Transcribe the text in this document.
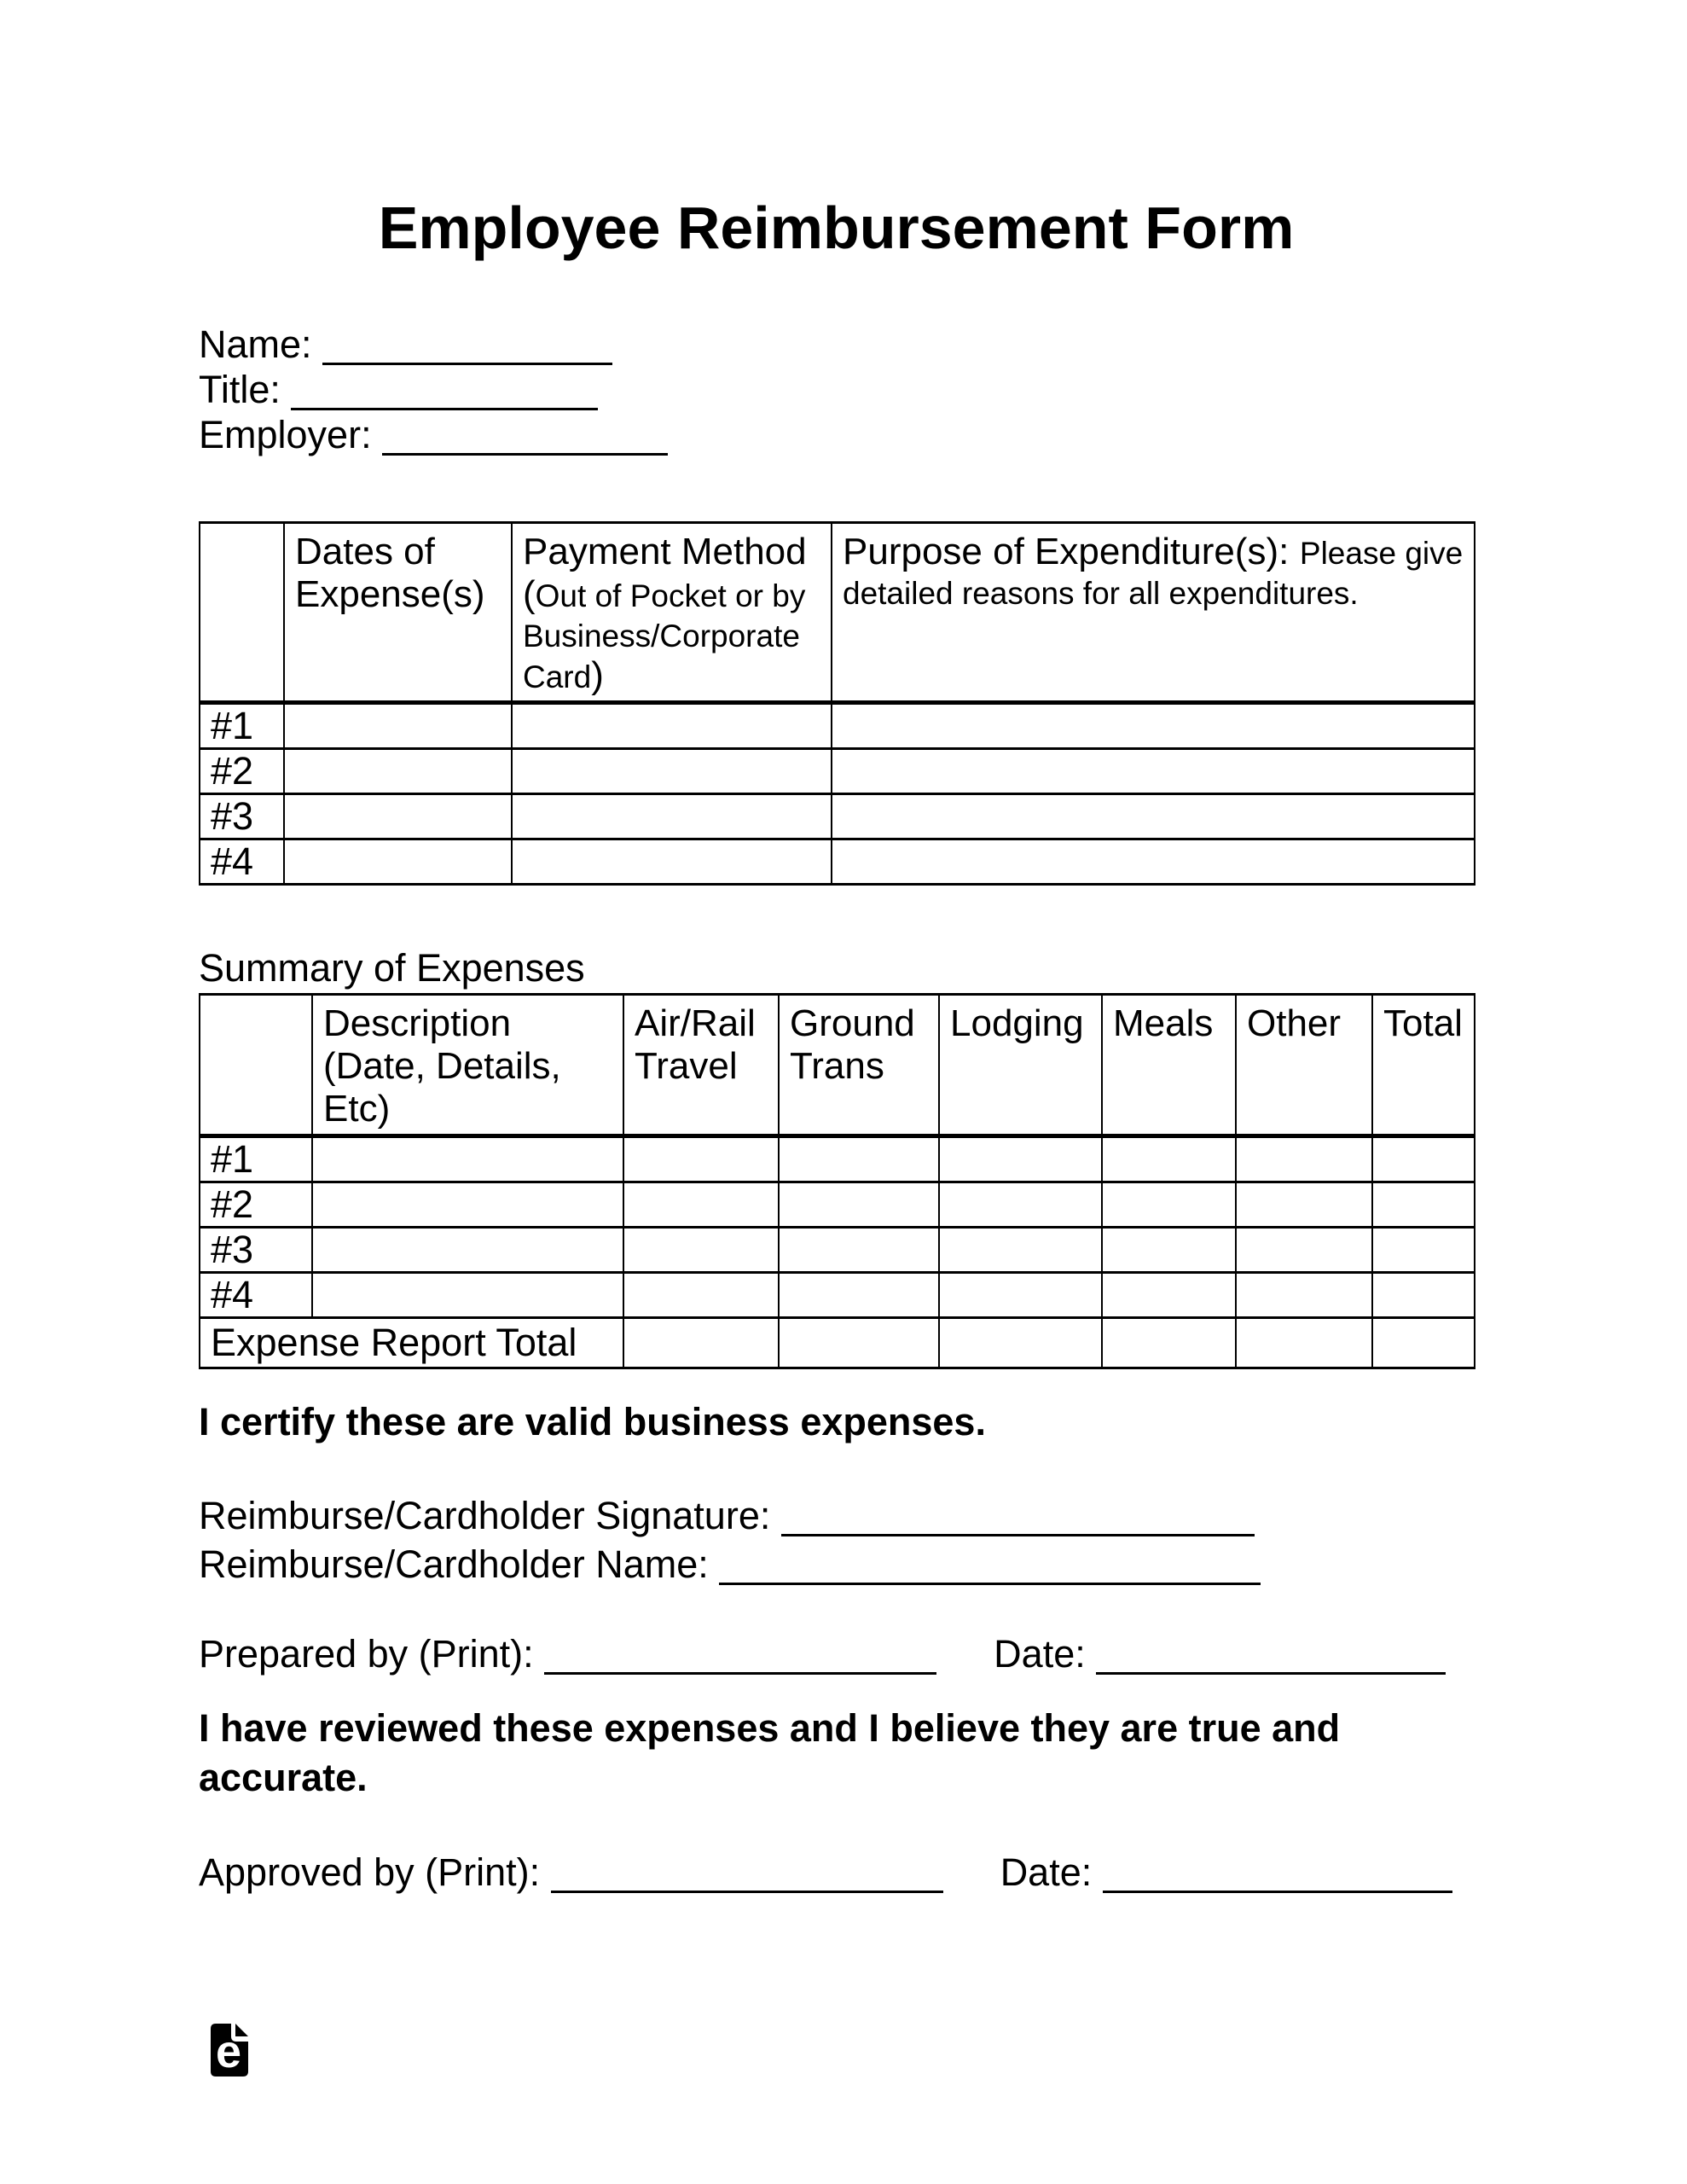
Employee Reimbursement Form
Name:
Title:
Employer:
	Dates of Expense(s)	Payment Method (Out of Pocket or by Business/Corporate Card)	Purpose of Expenditure(s): Please give detailed reasons for all expenditures.
#1			
#2			
#3			
#4			

Summary of Expenses

	Description (Date, Details, Etc)	Air/Rail Travel	Ground Trans	Lodging	Meals	Other	Total
#1							
#2							
#3							
#4							
Expense Report Total							

I certify these are valid business expenses.

Reimburse/Cardholder Signature:
Reimburse/Cardholder Name:
Prepared by (Print):	Date:

I have reviewed these expenses and I believe they are true and accurate.

Approved by (Print):	Date:
e
